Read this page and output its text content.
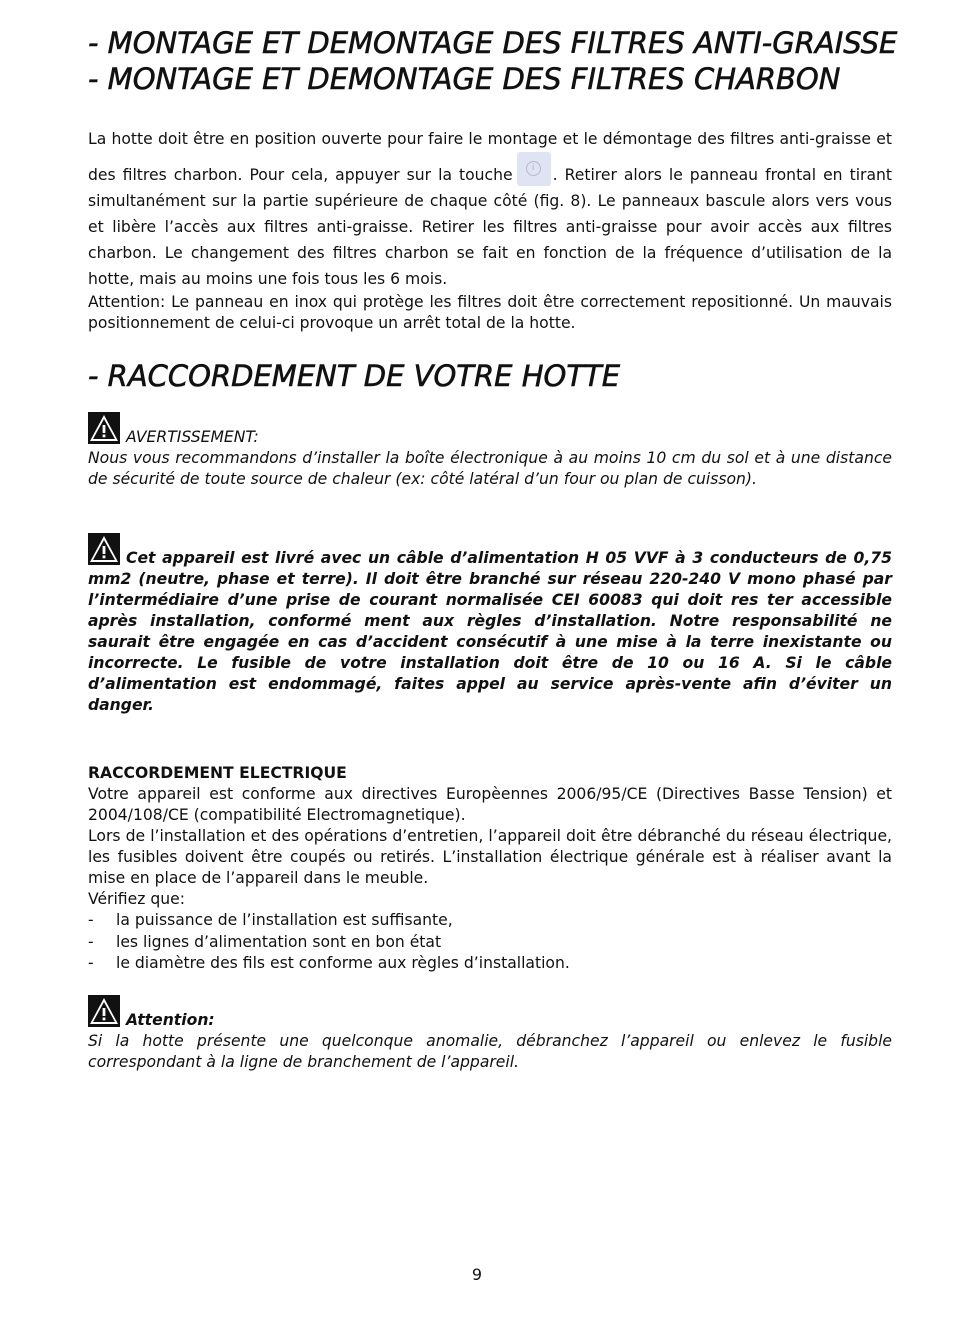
- MONTAGE ET DEMONTAGE DES FILTRES ANTI-GRAISSE

- MONTAGE ET DEMONTAGE DES FILTRES CHARBON

La hotte doit être en position ouverte pour faire le montage et le démontage des filtres anti-graisse et des filtres charbon. Pour cela, appuyer sur la touche	i	. Retirer alors le panneau frontal en tirant simultanément sur la partie supérieure de chaque côté (fig. 8). Le panneaux bascule alors vers vous et libère l’accès aux filtres anti-graisse. Retirer les filtres anti-graisse pour avoir accès aux filtres charbon. Le changement des filtres charbon se fait en fonction de la fréquence d’utilisation de la hotte, mais au moins une fois tous les 6 mois.

Attention: Le panneau en inox qui protège les filtres doit être correctement repositionné. Un mauvais positionnement de celui-ci provoque un arrêt total de la hotte.

- RACCORDEMENT DE VOTRE HOTTE

AVERTISSEMENT:

Nous vous recommandons d’installer la boîte électronique à au moins 10 cm du sol et à une distance de sécurité de toute source de chaleur (ex: côté latéral d’un four ou plan de cuisson).

Cet appareil est livré avec un câble d’alimentation H 05 VVF à 3 conducteurs de 0,75 mm2 (neutre, phase et terre). Il doit être branché sur réseau 220-240 V mono phasé par l’intermédiaire d’une prise de courant normalisée CEI 60083 qui doit res ter accessible après installation, conformé ment aux règles d’installation. Notre responsabilité ne saurait être engagée en cas d’accident consécutif à une mise à la terre inexistante ou incorrecte. Le fusible de votre installation doit être de 10 ou 16 A. Si le câble d’alimentation est endommagé, faites appel au service après-vente afin d’éviter un danger.

RACCORDEMENT ELECTRIQUE

Votre appareil est conforme aux directives Europèennes 2006/95/CE (Directives Basse Tension) et 2004/108/CE (compatibilité Electromagnetique).

Lors de l’installation et des opérations d’entretien, l’appareil doit être débranché du réseau électrique, les fusibles doivent être coupés ou retirés. L’installation électrique générale est à réaliser avant la mise en place de l’appareil dans le meuble.

Vérifiez que:

- la puissance de l’installation est suffisante,
- les lignes d’alimentation sont en bon état
- le diamètre des fils est conforme aux règles d’installation.

Attention:

Si la hotte présente une quelconque anomalie, débranchez l’appareil ou enlevez le fusible correspondant à la ligne de branchement de l’appareil.

9
